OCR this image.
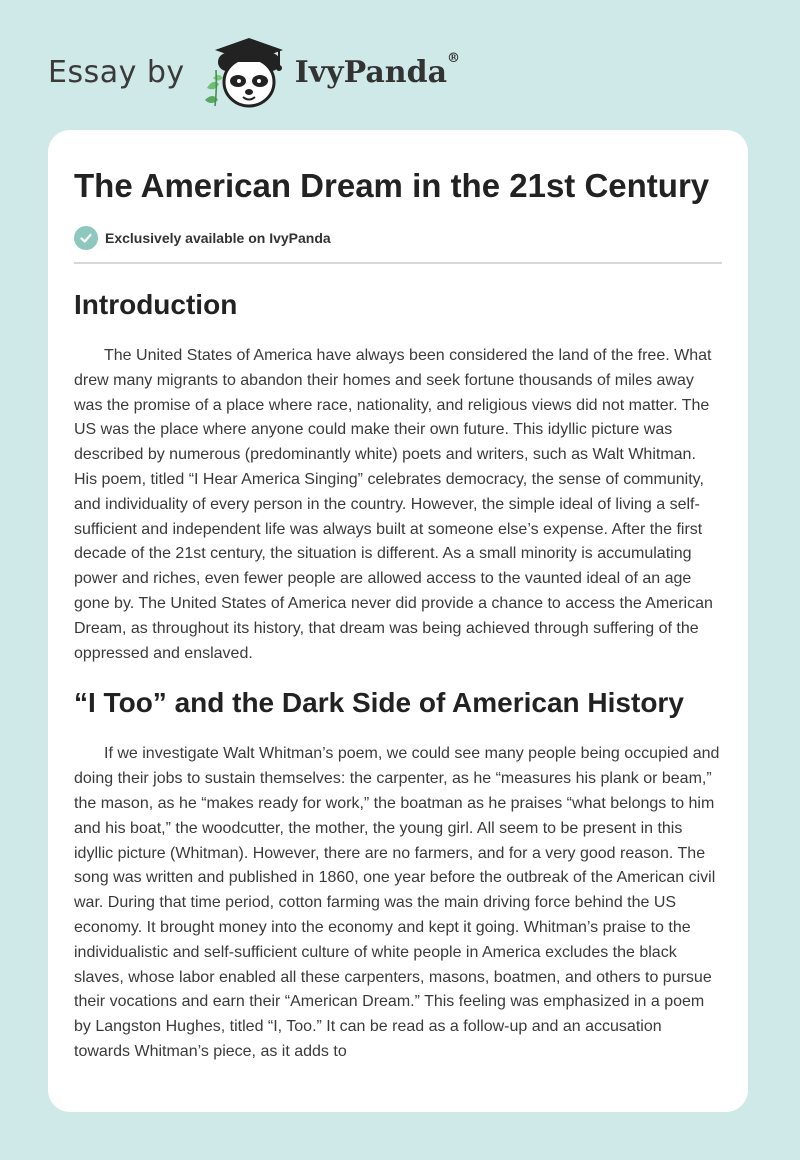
Essay by	IvyPanda®
The American Dream in the 21st Century
Exclusively available on IvyPanda
Introduction

The United States of America have always been considered the land of the free. What drew many migrants to abandon their homes and seek fortune thousands of miles away was the promise of a place where race, nationality, and religious views did not matter. The US was the place where anyone could make their own future. This idyllic picture was described by numerous (predominantly white) poets and writers, such as Walt Whitman. His poem, titled “I Hear America Singing” celebrates democracy, the sense of community, and individuality of every person in the country. However, the simple ideal of living a self-sufficient and independent life was always built at someone else’s expense. After the first decade of the 21st century, the situation is different. As a small minority is accumulating power and riches, even fewer people are allowed access to the vaunted ideal of an age gone by. The United States of America never did provide a chance to access the American Dream, as throughout its history, that dream was being achieved through suffering of the oppressed and enslaved.

“I Too” and the Dark Side of American History

If we investigate Walt Whitman’s poem, we could see many people being occupied and doing their jobs to sustain themselves: the carpenter, as he “measures his plank or beam,” the mason, as he “makes ready for work,” the boatman as he praises “what belongs to him and his boat,” the woodcutter, the mother, the young girl. All seem to be present in this idyllic picture (Whitman). However, there are no farmers, and for a very good reason. The song was written and published in 1860, one year before the outbreak of the American civil war. During that time period, cotton farming was the main driving force behind the US economy. It brought money into the economy and kept it going. Whitman’s praise to the individualistic and self-sufficient culture of white people in America excludes the black slaves, whose labor enabled all these carpenters, masons, boatmen, and others to pursue their vocations and earn their “American Dream.” This feeling was emphasized in a poem by Langston Hughes, titled “I, Too.” It can be read as a follow-up and an accusation towards Whitman’s piece, as it adds to
